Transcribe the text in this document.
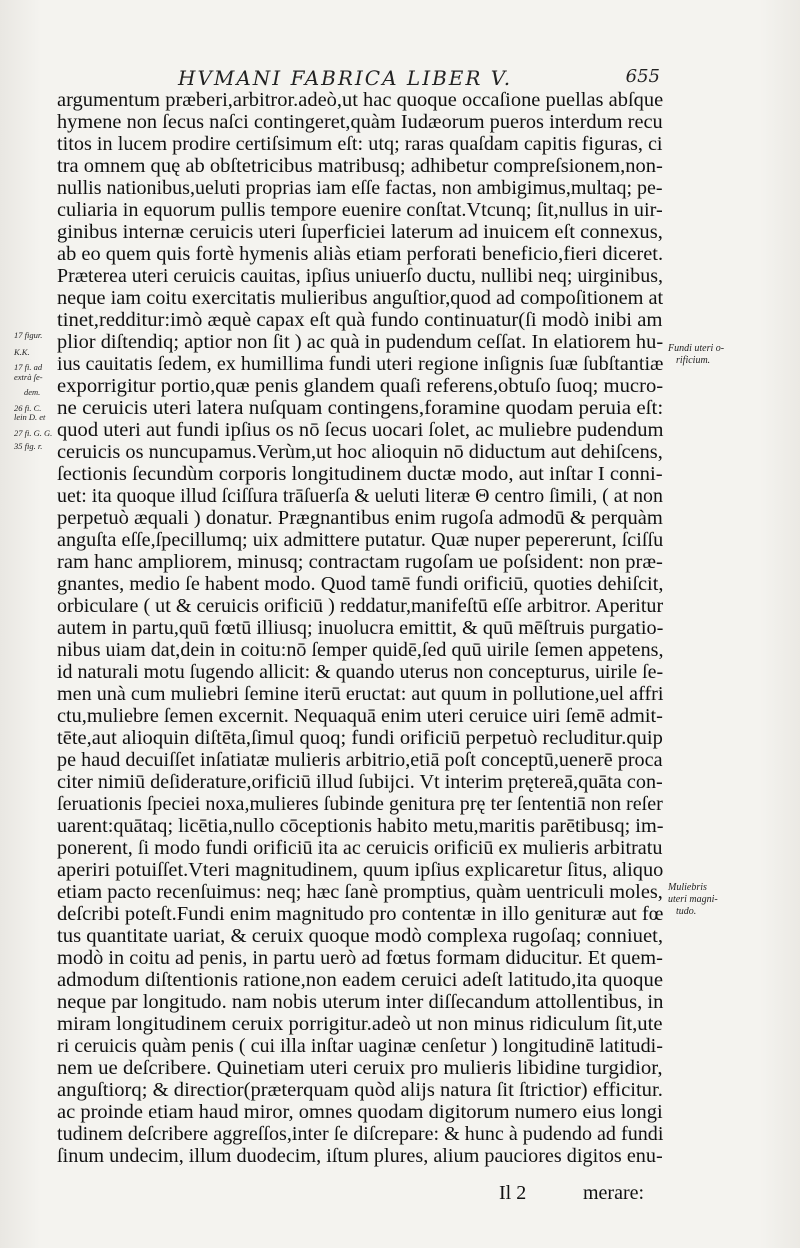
HVMANI FABRICA LIBER V.	655
argumentum præberi,arbitror.adeò,ut hac quoque occaſione puellas abſque
hymene non ſecus naſci contingeret,quàm Iudæorum pueros interdum recu
titos in lucem prodire certiſsimum eſt: utq; raras quaſdam capitis figuras, ci
tra omnem quę ab obſtetricibus matribusq; adhibetur compreſsionem,non-
nullis nationibus,ueluti proprias iam eſſe factas, non ambigimus,multaq; pe-
culiaria in equorum pullis tempore euenire conſtat.Vtcunq; ſit,nullus in uir-
ginibus internæ ceruicis uteri ſuperficiei laterum ad inuicem eſt connexus,
ab eo quem quis fortè hymenis aliàs etiam perforati beneficio,fieri diceret.
Præterea uteri ceruicis cauitas, ipſius uniuerſo ductu, nullibi neq; uirginibus,
neque iam coitu exercitatis mulieribus anguſtior,quod ad compoſitionem at
tinet,redditur:imò æquè capax eſt quà fundo continuatur(ſi modò inibi am
plior diſtendiq; aptior non ſit ) ac quà in pudendum ceſſat. In elatiorem hu-
ius cauitatis ſedem, ex humillima fundi uteri regione inſignis ſuæ ſubſtantiæ
exporrigitur portio,quæ penis glandem quaſi referens,obtuſo ſuoq; mucro-
ne ceruicis uteri latera nuſquam contingens,foramine quodam peruia eſt:
quod uteri aut fundi ipſius os nō ſecus uocari ſolet, ac muliebre pudendum
ceruicis os nuncupamus.Verùm,ut hoc alioquin nō diductum aut dehiſcens,
ſectionis ſecundùm corporis longitudinem ductæ modo, aut inſtar I conni-
uet: ita quoque illud ſciſſura trāſuerſa & ueluti literæ Θ centro ſimili, ( at non
perpetuò æquali ) donatur. Prægnantibus enim rugoſa admodū & perquàm
anguſta eſſe,ſpecillumq; uix admittere putatur. Quæ nuper pepererunt, ſciſſu
ram hanc ampliorem, minusq; contractam rugoſam ue poſsident: non præ-
gnantes, medio ſe habent modo. Quod tamē fundi orificiū, quoties dehiſcit,
orbiculare ( ut & ceruicis orificiū ) reddatur,manifeſtū eſſe arbitror. Aperitur
autem in partu,quū fœtū illiusq; inuolucra emittit, & quū mēſtruis purgatio-
nibus uiam dat,dein in coitu:nō ſemper quidē,ſed quū uirile ſemen appetens,
id naturali motu ſugendo allicit: & quando uterus non concepturus, uirile ſe-
men unà cum muliebri ſemine iterū eructat: aut quum in pollutione,uel affri
ctu,muliebre ſemen excernit. Nequaquā enim uteri ceruice uiri ſemē admit-
tēte,aut alioquin diſtēta,ſimul quoq; fundi orificiū perpetuò recluditur.quip
pe haud decuiſſet inſatiatæ mulieris arbitrio,etiā poſt conceptū,uenerē proca
citer nimiū deſiderature,orificiū illud ſubijci. Vt interim prętereā,quāta con-
ſeruationis ſpeciei noxa,mulieres ſubinde genitura prę ter ſententiā non reſer
uarent:quātaq; licētia,nullo cōceptionis habito metu,maritis parētibusq; im-
ponerent, ſi modo fundi orificiū ita ac ceruicis orificiū ex mulieris arbitratu
aperiri potuiſſet.Vteri magnitudinem, quum ipſius explicaretur ſitus, aliquo
etiam pacto recenſuimus: neq; hæc ſanè promptius, quàm uentriculi moles,
deſcribi poteſt.Fundi enim magnitudo pro contentæ in illo genituræ aut fœ
tus quantitate uariat, & ceruix quoque modò complexa rugoſaq; conniuet,
modò in coitu ad penis, in partu uerò ad fœtus formam diducitur. Et quem-
admodum diſtentionis ratione,non eadem ceruici adeſt latitudo,ita quoque
neque par longitudo. nam nobis uterum inter diſſecandum attollentibus, in
miram longitudinem ceruix porrigitur.adeò ut non minus ridiculum ſit,ute
ri ceruicis quàm penis ( cui illa inſtar uaginæ cenſetur ) longitudinē latitudi-
nem ue deſcribere. Quinetiam uteri ceruix pro mulieris libidine turgidior,
anguſtiorq; & directior(præterquam quòd alijs natura ſit ſtrictior) efficitur.
ac proinde etiam haud miror, omnes quodam digitorum numero eius longi
tudinem deſcribere aggreſſos,inter ſe diſcrepare: & hunc à pudendo ad fundi
ſinum undecim, illum duodecim, iſtum plures, alium pauciores digitos enu-
17 figur.
K.K.
17 fi. ad
extrà ſe-
dem.
26 fi. C.
lein D. et
27 fi. G. G.
35 fig. r.
Fundi uteri o-
rificium.
Muliebris
uteri magni-
tudo.
Il 2	merare:
